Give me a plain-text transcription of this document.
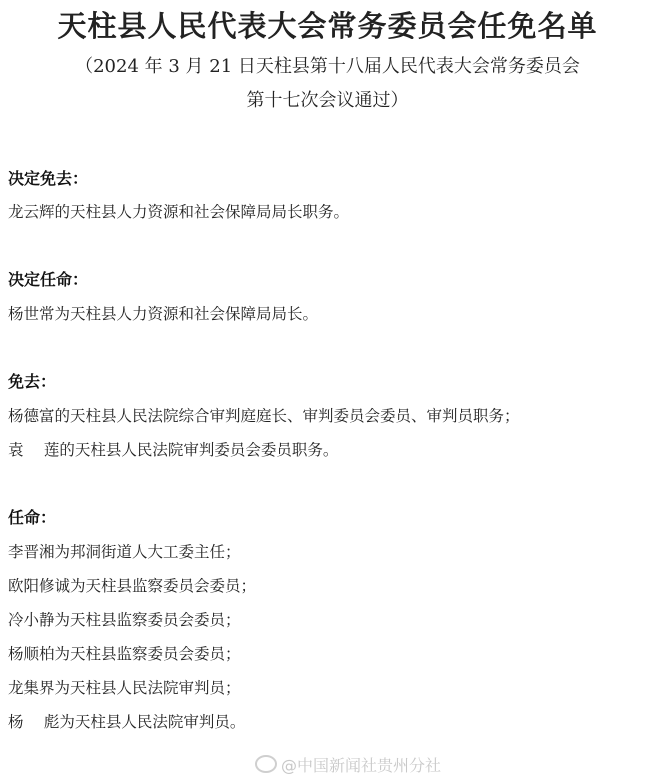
天柱县人民代表大会常务委员会任免名单
（2024 年 3 月 21 日天柱县第十八届人民代表大会常务委员会
第十七次会议通过）
决定免去：
龙云辉的天柱县人力资源和社会保障局局长职务。
决定任命：
杨世常为天柱县人力资源和社会保障局局长。
免去：
杨德富的天柱县人民法院综合审判庭庭长、审判委员会委员、审判员职务；
袁　 莲的天柱县人民法院审判委员会委员职务。
任命：
李晋湘为邦洞街道人大工委主任；
欧阳修诚为天柱县监察委员会委员；
冷小静为天柱县监察委员会委员；
杨顺柏为天柱县监察委员会委员；
龙集界为天柱县人民法院审判员；
杨　 彪为天柱县人民法院审判员。
@中国新闻社贵州分社
